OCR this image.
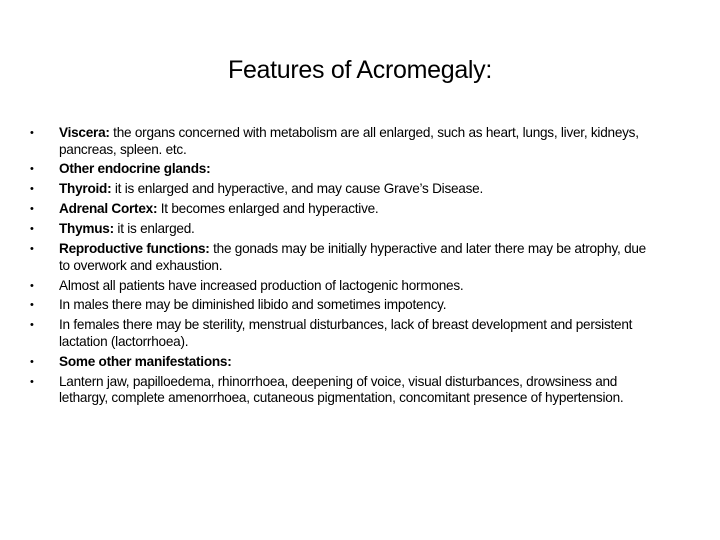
Features of Acromegaly:
• Viscera: the organs concerned with metabolism are all enlarged, such as heart, lungs, liver, kidneys, pancreas, spleen. etc.
• Other endocrine glands:
• Thyroid: it is enlarged and hyperactive, and may cause Grave’s Disease.
• Adrenal Cortex: It becomes enlarged and hyperactive.
• Thymus: it is enlarged.
• Reproductive functions: the gonads may be initially hyperactive and later there may be atrophy, due to overwork and exhaustion.
• Almost all patients have increased production of lactogenic hormones.
• In males there may be diminished libido and sometimes impotency.
• In females there may be sterility, menstrual disturbances, lack of breast development and persistent lactation (lactorrhoea).
• Some other manifestations:
• Lantern jaw, papilloedema, rhinorrhoea, deepening of voice, visual disturbances, drowsiness and lethargy, complete amenorrhoea, cutaneous pigmentation, concomitant presence of hypertension.
